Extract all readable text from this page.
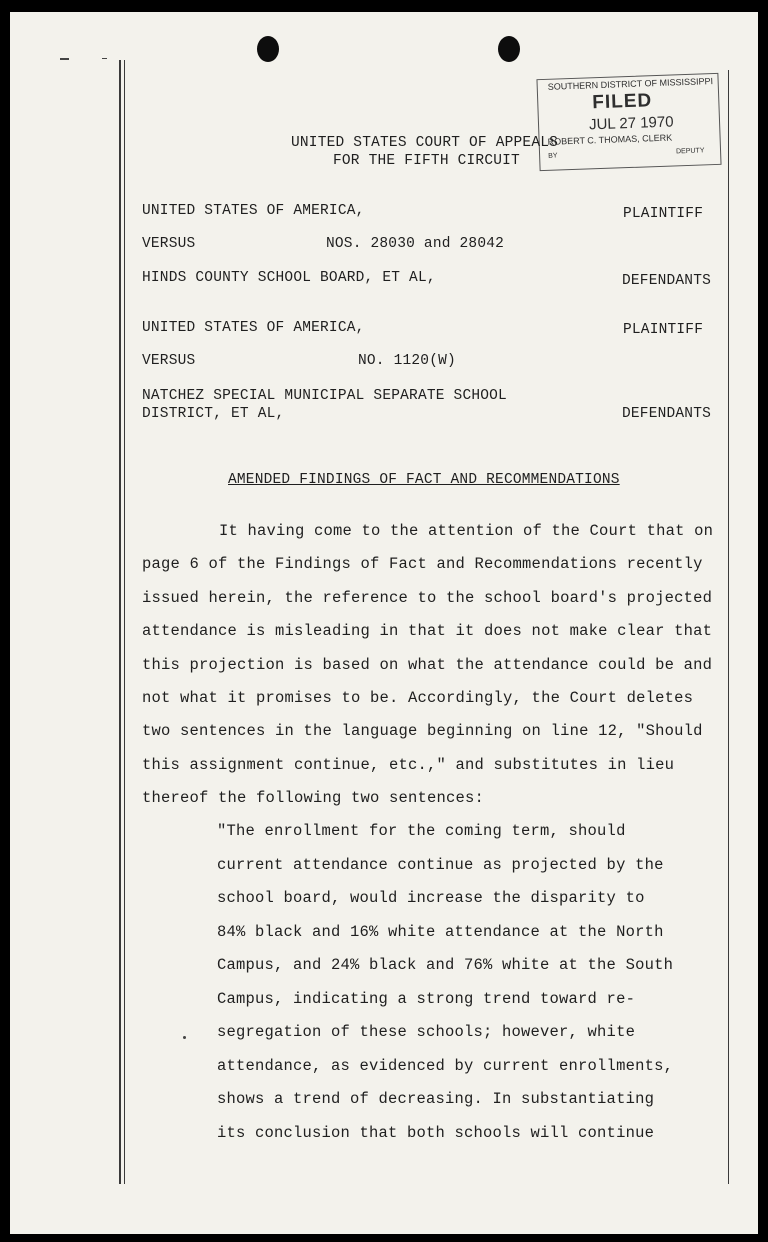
SOUTHERN DISTRICT OF MISSISSIPPI
FILED
JUL 27 1970
ROBERT C. THOMAS, CLERK
BY
DEPUTY
UNITED STATES COURT OF APPEALS
FOR THE FIFTH CIRCUIT
UNITED STATES OF AMERICA,	PLAINTIFF
VERSUS	NOS. 28030 and 28042
HINDS COUNTY SCHOOL BOARD, ET AL,	DEFENDANTS
UNITED STATES OF AMERICA,	PLAINTIFF
VERSUS	NO. 1120(W)
NATCHEZ SPECIAL MUNICIPAL SEPARATE SCHOOL
DISTRICT, ET AL,	DEFENDANTS
AMENDED FINDINGS OF FACT AND RECOMMENDATIONS
It having come to the attention of the Court that on
page 6 of the Findings of Fact and Recommendations recently
issued herein, the reference to the school board's projected
attendance is misleading in that it does not make clear that
this projection is based on what the attendance could be and
not what it promises to be. Accordingly, the Court deletes
two sentences in the language beginning on line 12, "Should
this assignment continue, etc.," and substitutes in lieu
thereof the following two sentences:
"The enrollment for the coming term, should
current attendance continue as projected by the
school board, would increase the disparity to
84% black and 16% white attendance at the North
Campus, and 24% black and 76% white at the South
Campus, indicating a strong trend toward re-
segregation of these schools; however, white
attendance, as evidenced by current enrollments,
shows a trend of decreasing. In substantiating
its conclusion that both schools will continue
